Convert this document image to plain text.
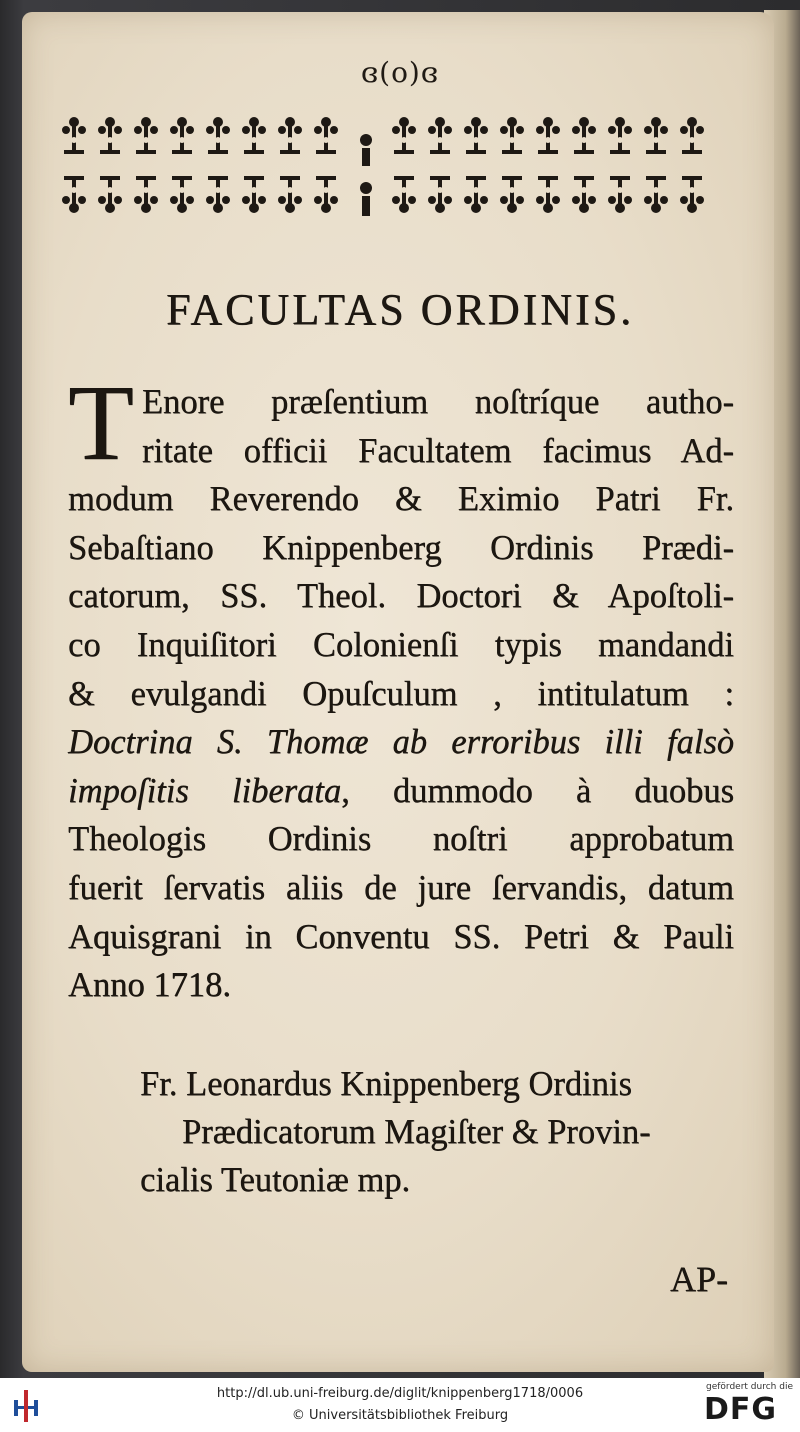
ɞ(o)ɞ
FACULTAS ORDINIS.
T Enore præſentium noſtríque autho-
ritate officii Facultatem facimus Ad-
modum Reverendo & Eximio Patri Fr.
Sebaſtiano Knippenberg Ordinis Prædi-
catorum, SS. Theol. Doctori & Apoſtoli-
co Inquiſitori Colonienſi typis mandandi
& evulgandi Opuſculum , intitulatum :
Doctrina S. Thomæ ab erroribus illi falsò
impoſitis liberata, dummodo à duobus
Theologis Ordinis noſtri approbatum
fuerit ſervatis aliis de jure ſervandis, datum
Aquisgrani in Conventu SS. Petri & Pauli
Anno 1718.
Fr. Leonardus Knippenberg Ordinis
Prædicatorum Magiſter & Provin-
cialis Teutoniæ mp.
AP-
http://dl.ub.uni-freiburg.de/diglit/knippenberg1718/0006
© Universitätsbibliothek Freiburg
gefördert durch die
DFG
